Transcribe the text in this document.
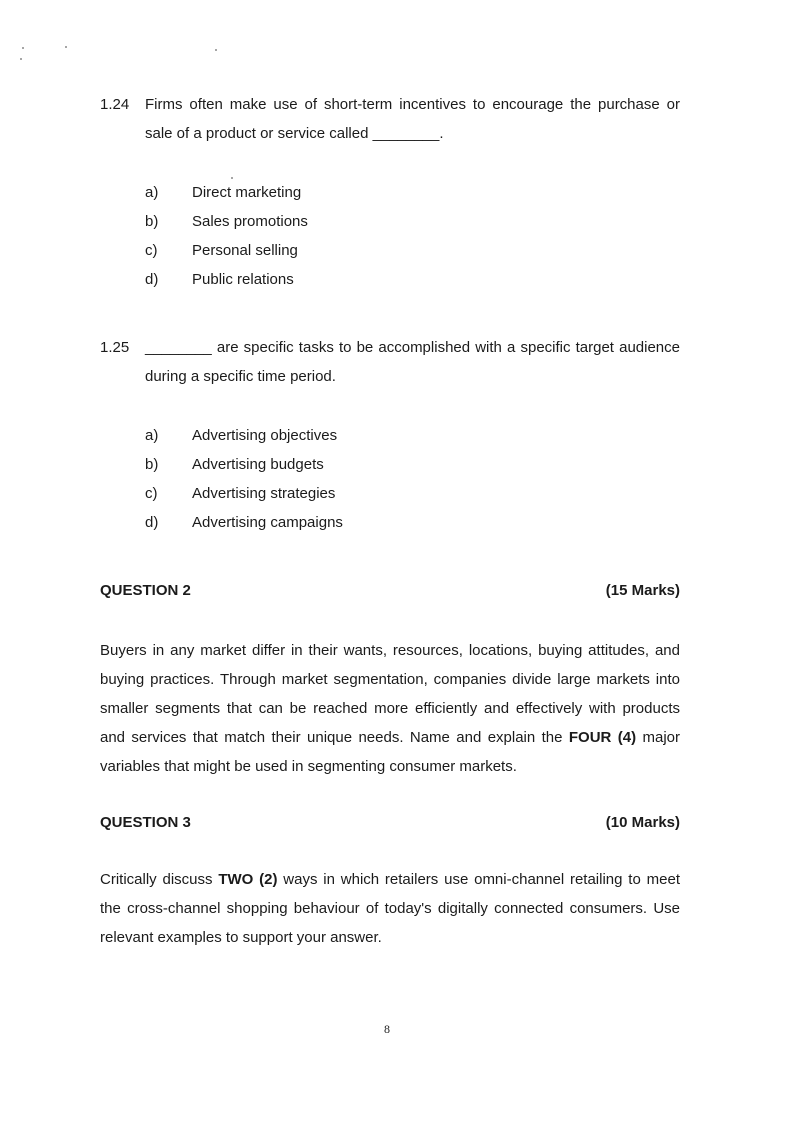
1.24	Firms often make use of short-term incentives to encourage the purchase or sale of a product or service called ________.

a)	Direct marketing
b)	Sales promotions
c)	Personal selling
d)	Public relations
1.25	________ are specific tasks to be accomplished with a specific target audience during a specific time period.

a)	Advertising objectives
b)	Advertising budgets
c)	Advertising strategies
d)	Advertising campaigns
QUESTION 2	(15 Marks)

Buyers in any market differ in their wants, resources, locations, buying attitudes, and buying practices. Through market segmentation, companies divide large markets into smaller segments that can be reached more efficiently and effectively with products and services that match their unique needs. Name and explain the FOUR (4) major variables that might be used in segmenting consumer markets.

QUESTION 3	(10 Marks)

Critically discuss TWO (2) ways in which retailers use omni-channel retailing to meet the cross-channel shopping behaviour of today's digitally connected consumers. Use relevant examples to support your answer.

8
